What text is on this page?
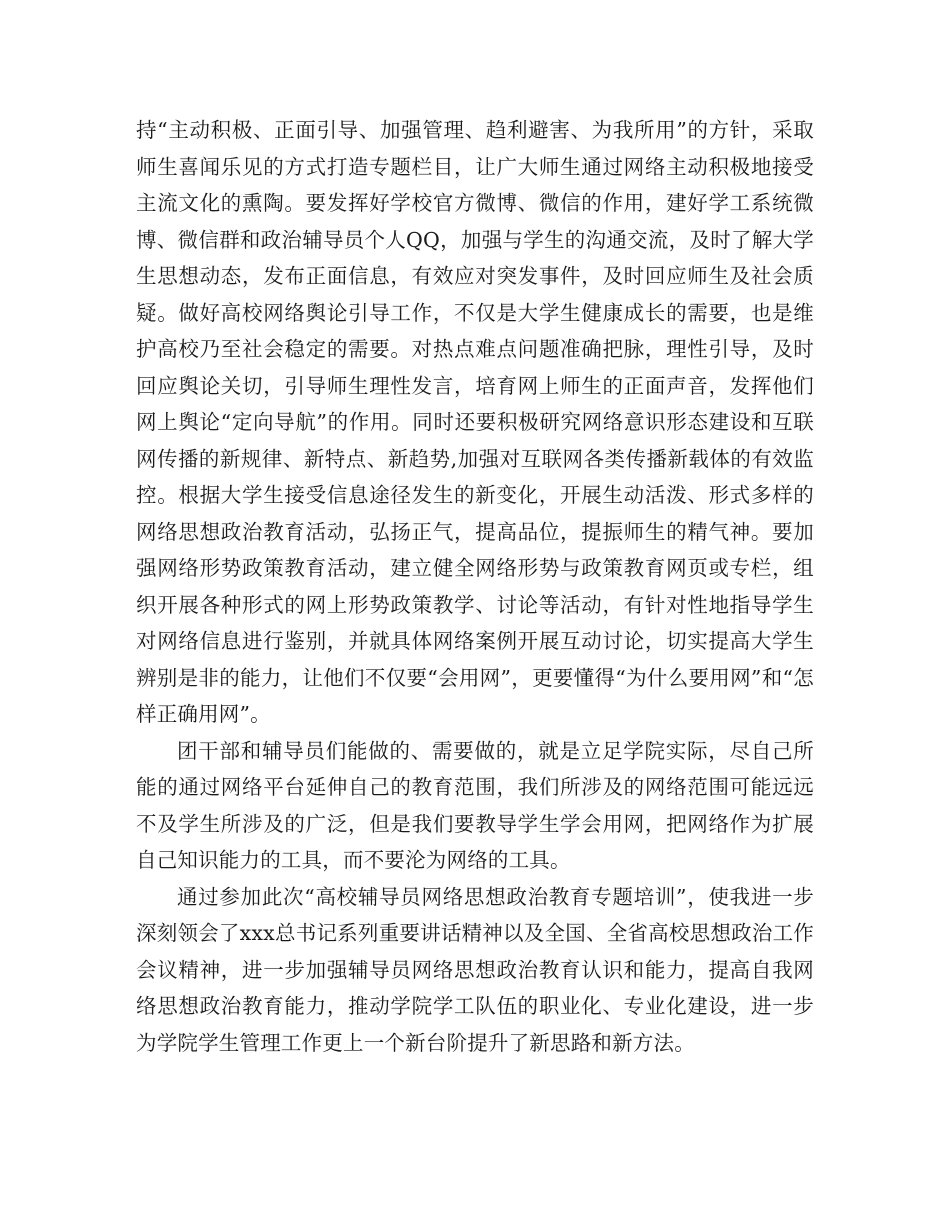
持“主动积极、正面引导、加强管理、趋利避害、为我所用”的方针，采取师生喜闻乐见的方式打造专题栏目，让广大师生通过网络主动积极地接受主流文化的熏陶。要发挥好学校官方微博、微信的作用，建好学工系统微博、微信群和政治辅导员个人QQ，加强与学生的沟通交流，及时了解大学生思想动态，发布正面信息，有效应对突发事件，及时回应师生及社会质疑。做好高校网络舆论引导工作，不仅是大学生健康成长的需要，也是维护高校乃至社会稳定的需要。对热点难点问题准确把脉，理性引导，及时回应舆论关切，引导师生理性发言，培育网上师生的正面声音，发挥他们网上舆论“定向导航”的作用。同时还要积极研究网络意识形态建设和互联网传播的新规律、新特点、新趋势,加强对互联网各类传播新载体的有效监控。根据大学生接受信息途径发生的新变化，开展生动活泼、形式多样的网络思想政治教育活动，弘扬正气，提高品位，提振师生的精气神。要加强网络形势政策教育活动，建立健全网络形势与政策教育网页或专栏，组织开展各种形式的网上形势政策教学、讨论等活动，有针对性地指导学生对网络信息进行鉴别，并就具体网络案例开展互动讨论，切实提高大学生辨别是非的能力，让他们不仅要“会用网”，更要懂得“为什么要用网”和“怎样正确用网”。

团干部和辅导员们能做的、需要做的，就是立足学院实际，尽自己所能的通过网络平台延伸自己的教育范围，我们所涉及的网络范围可能远远不及学生所涉及的广泛，但是我们要教导学生学会用网，把网络作为扩展自己知识能力的工具，而不要沦为网络的工具。

通过参加此次“高校辅导员网络思想政治教育专题培训”，使我进一步深刻领会了xxx总书记系列重要讲话精神以及全国、全省高校思想政治工作会议精神，进一步加强辅导员网络思想政治教育认识和能力，提高自我网络思想政治教育能力，推动学院学工队伍的职业化、专业化建设，进一步为学院学生管理工作更上一个新台阶提升了新思路和新方法。
